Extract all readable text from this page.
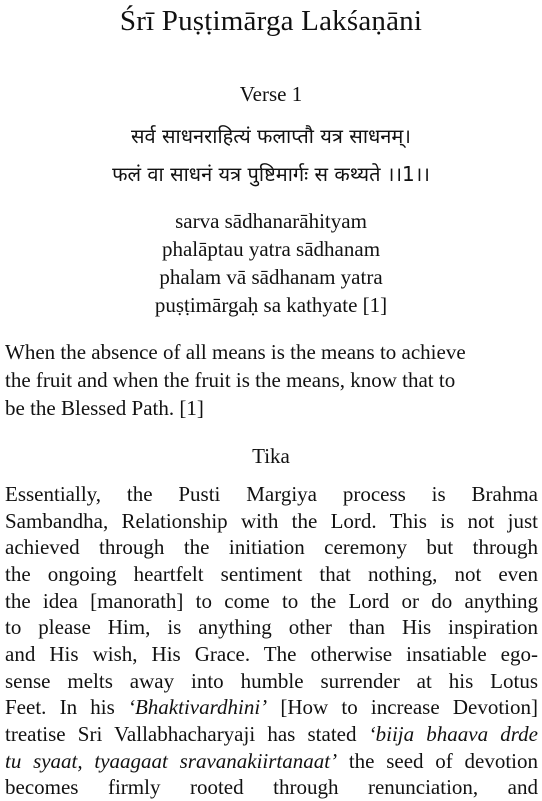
Śrī Puṣṭimārga Lakśaṇāni
Verse 1
सर्व साधनराहित्यं फलाप्तौ यत्र साधनम्।
फलं वा साधनं यत्र पुष्टिमार्गः स कथ्यते ।।1।।
sarva sādhanarāhityam
phalāptau yatra sādhanam
phalam vā sādhanam yatra
puṣṭimārgaḥ sa kathyate [1]
When the absence of all means is the means to achieve
the fruit and when the fruit is the means, know that to
be the Blessed Path. [1]
Tika
Essentially, the Pusti Margiya process is Brahma
Sambandha, Relationship with the Lord. This is not just
achieved through the initiation ceremony but through
the ongoing heartfelt sentiment that nothing, not even
the idea [manorath] to come to the Lord or do anything
to please Him, is anything other than His inspiration
and His wish, His Grace. The otherwise insatiable ego-
sense melts away into humble surrender at his Lotus
Feet. In his ‘Bhaktivardhini’ [How to increase Devotion]
treatise Sri Vallabhacharyaji has stated ‘biija bhaava drde
tu syaat, tyaagaat sravanakiirtanaat’ the seed of devotion
becomes firmly rooted through renunciation, and
